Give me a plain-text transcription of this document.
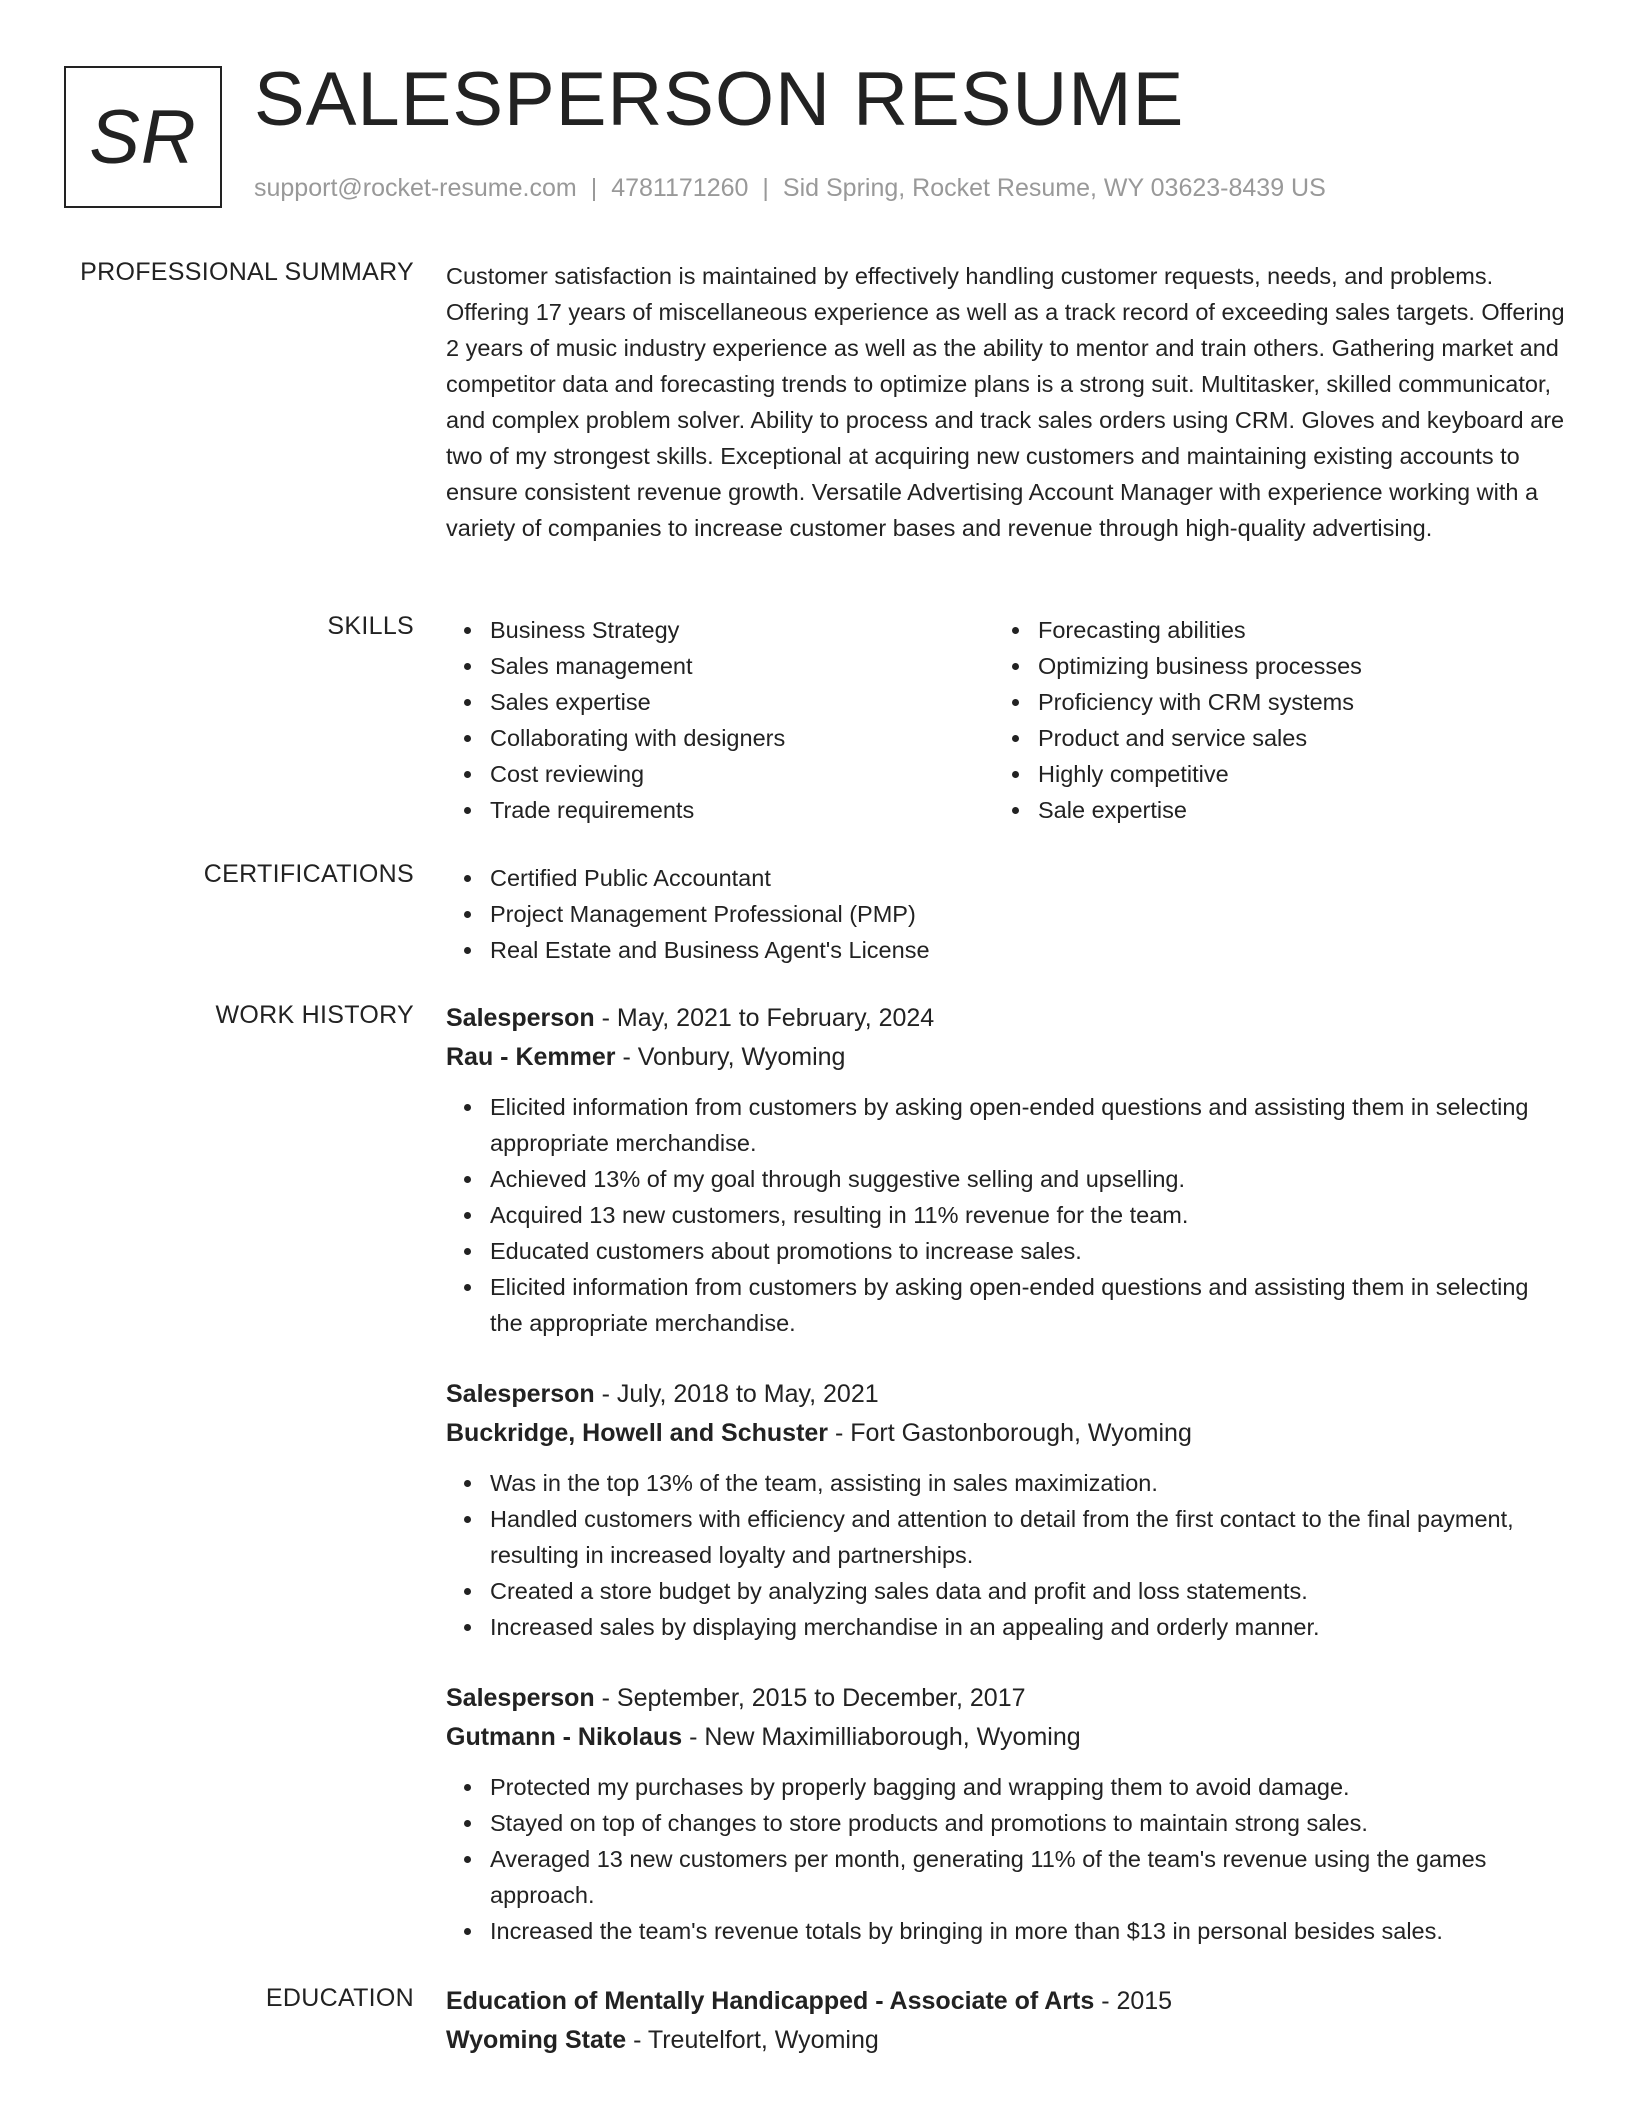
SR SALESPERSON RESUME
support@rocket-resume.com | 4781171260 | Sid Spring, Rocket Resume, WY 03623-8439 US
PROFESSIONAL SUMMARY Customer satisfaction is maintained by effectively handling customer requests, needs, and problems. Offering 17 years of miscellaneous experience as well as a track record of exceeding sales targets. Offering 2 years of music industry experience as well as the ability to mentor and train others. Gathering market and competitor data and forecasting trends to optimize plans is a strong suit. Multitasker, skilled communicator, and complex problem solver. Ability to process and track sales orders using CRM. Gloves and keyboard are two of my strongest skills. Exceptional at acquiring new customers and maintaining existing accounts to ensure consistent revenue growth. Versatile Advertising Account Manager with experience working with a variety of companies to increase customer bases and revenue through high-quality advertising.

SKILLS	Business Strategy
Sales management
Sales expertise
Collaborating with designers
Cost reviewing
Trade requirements
Forecasting abilities
Optimizing business processes
Proficiency with CRM systems
Product and service sales
Highly competitive
Sale expertise
CERTIFICATIONS	Certified Public Accountant
Project Management Professional (PMP)
Real Estate and Business Agent's License
WORK HISTORY Salesperson - May, 2021 to February, 2024
Rau - Kemmer - Vonbury, Wyoming
Elicited information from customers by asking open-ended questions and assisting them in selecting appropriate merchandise.
Achieved 13% of my goal through suggestive selling and upselling.
Acquired 13 new customers, resulting in 11% revenue for the team.
Educated customers about promotions to increase sales.
Elicited information from customers by asking open-ended questions and assisting them in selecting the appropriate merchandise.
Salesperson - July, 2018 to May, 2021
Buckridge, Howell and Schuster - Fort Gastonborough, Wyoming
Was in the top 13% of the team, assisting in sales maximization.
Handled customers with efficiency and attention to detail from the first contact to the final payment, resulting in increased loyalty and partnerships.
Created a store budget by analyzing sales data and profit and loss statements.
Increased sales by displaying merchandise in an appealing and orderly manner.
Salesperson - September, 2015 to December, 2017
Gutmann - Nikolaus - New Maximilliaborough, Wyoming
Protected my purchases by properly bagging and wrapping them to avoid damage.
Stayed on top of changes to store products and promotions to maintain strong sales.
Averaged 13 new customers per month, generating 11% of the team's revenue using the games approach.
Increased the team's revenue totals by bringing in more than $13 in personal besides sales.
EDUCATION Education of Mentally Handicapped - Associate of Arts - 2015
Wyoming State - Treutelfort, Wyoming
